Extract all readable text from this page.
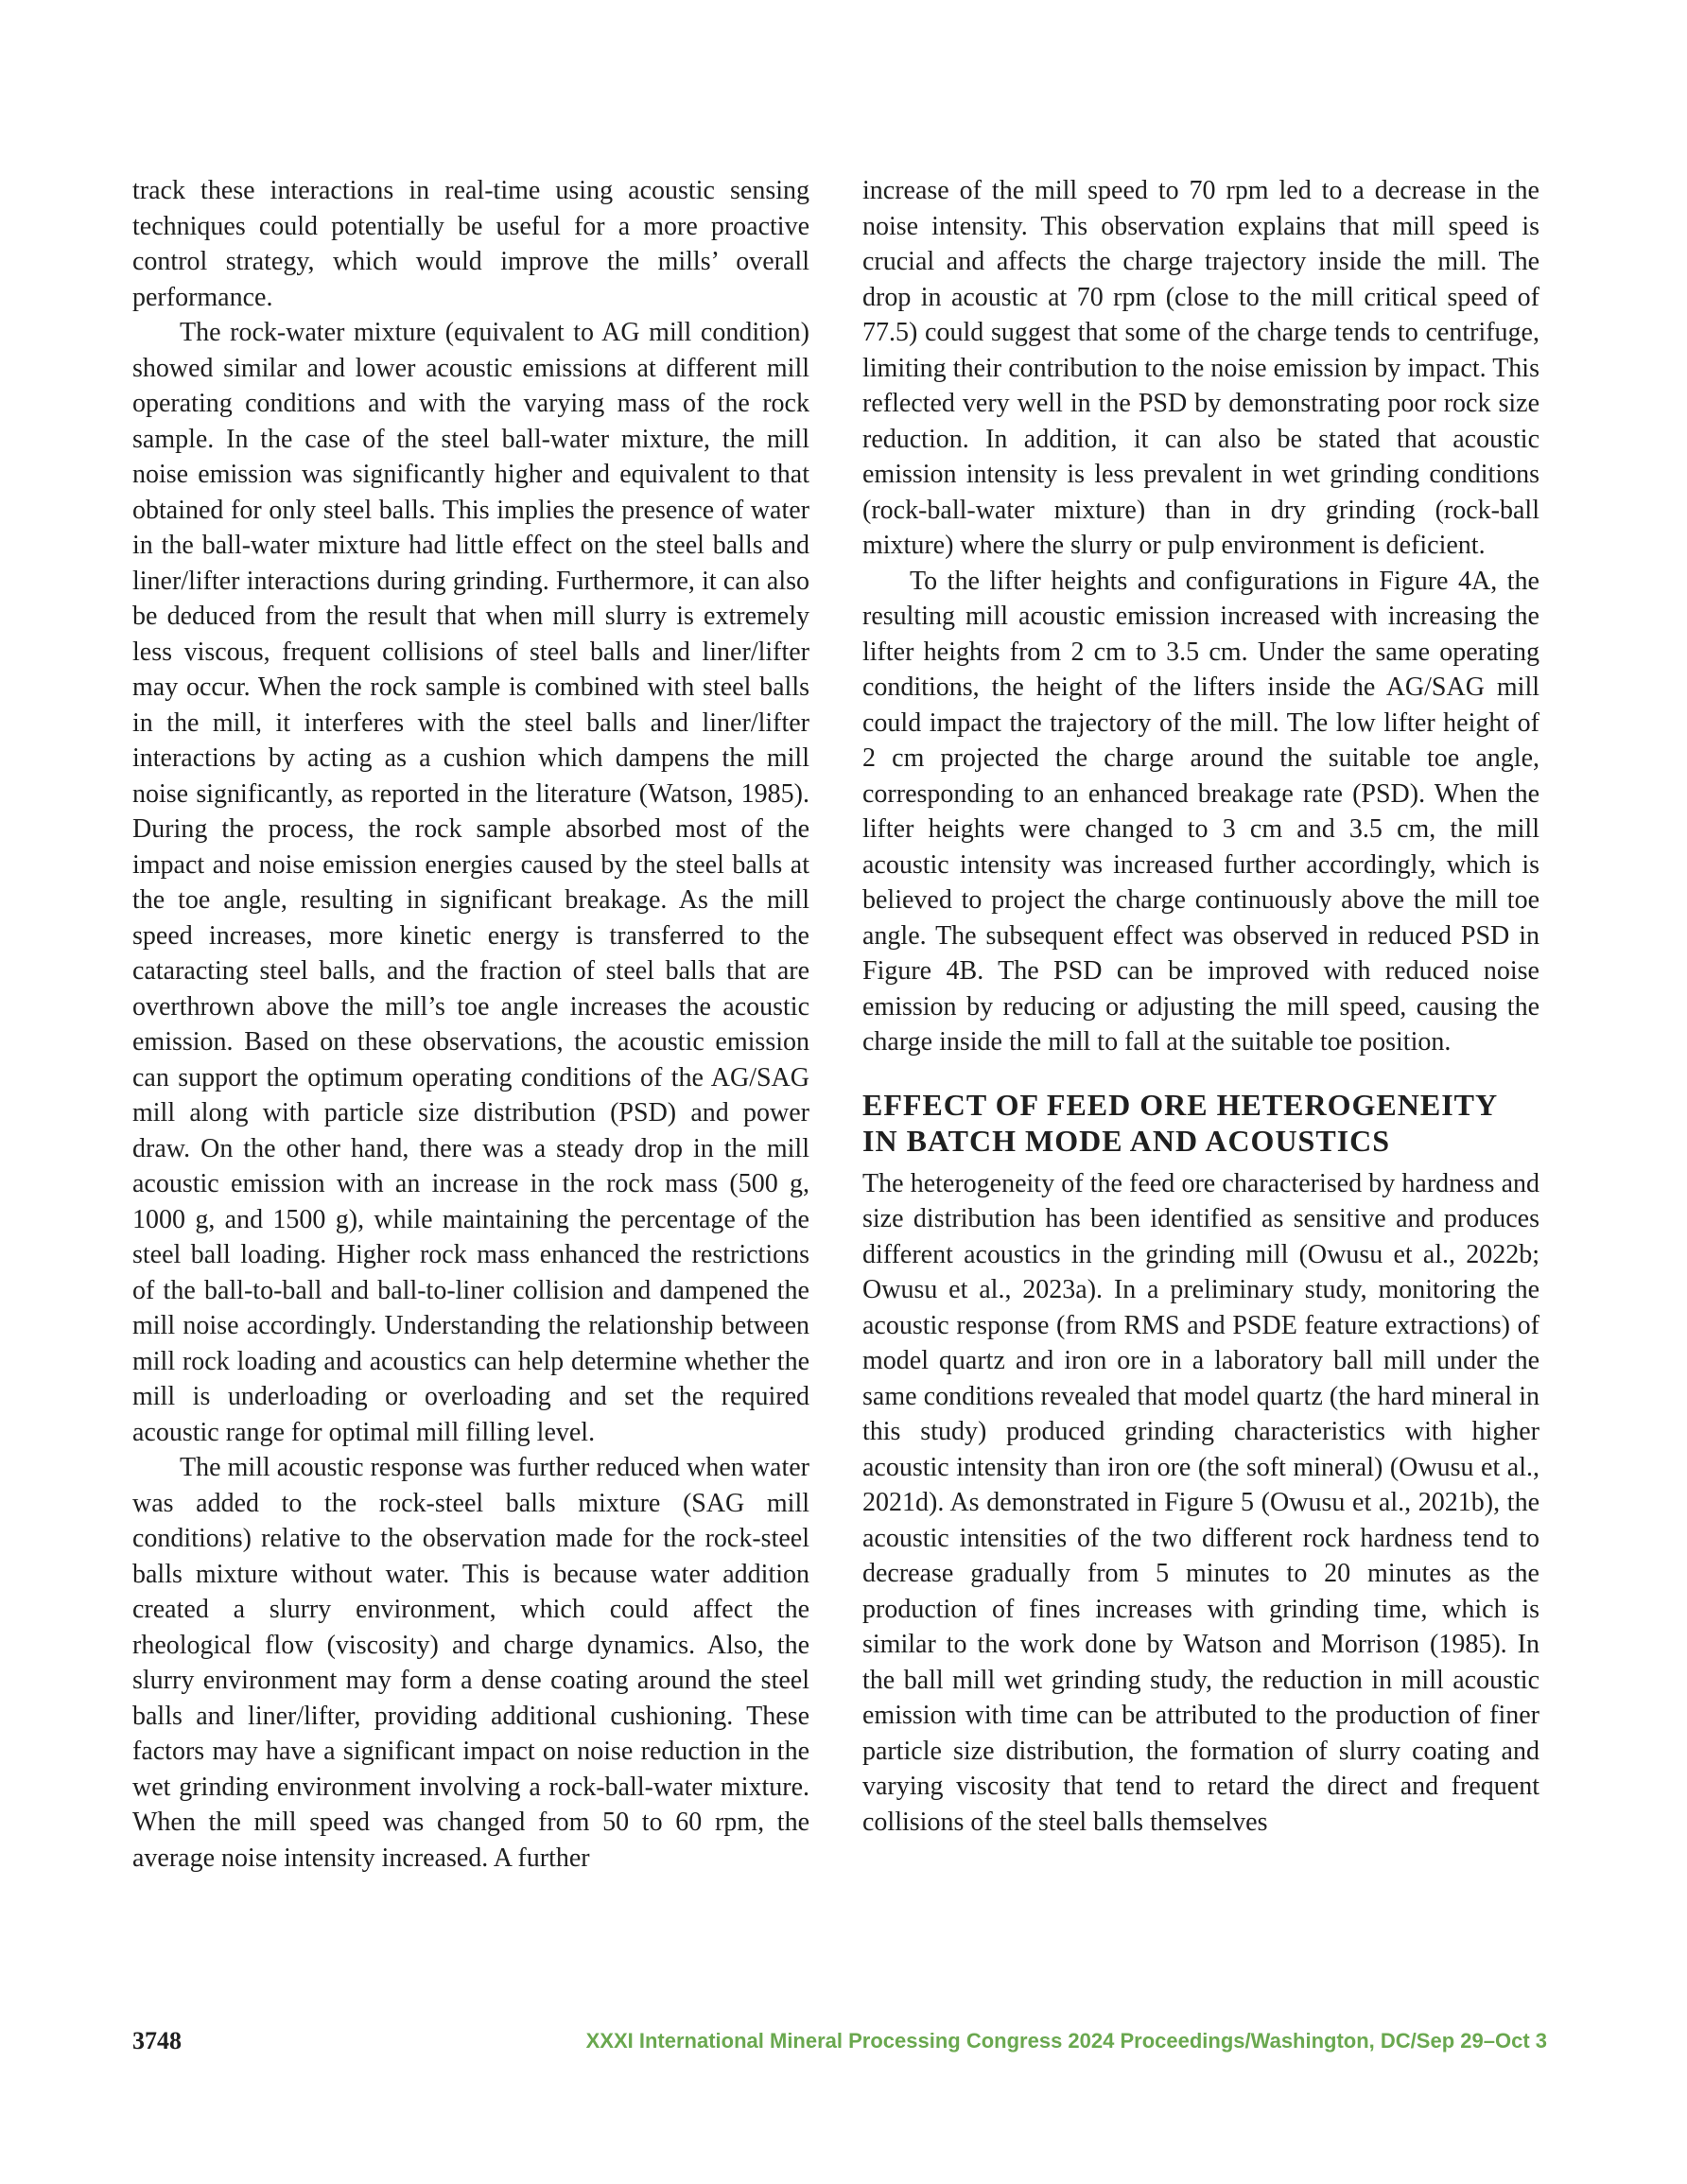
track these interactions in real-time using acoustic sensing techniques could potentially be useful for a more proactive control strategy, which would improve the mills’ overall performance.

The rock-water mixture (equivalent to AG mill condition) showed similar and lower acoustic emissions at different mill operating conditions and with the varying mass of the rock sample. In the case of the steel ball-water mixture, the mill noise emission was significantly higher and equivalent to that obtained for only steel balls. This implies the presence of water in the ball-water mixture had little effect on the steel balls and liner/lifter interactions during grinding. Furthermore, it can also be deduced from the result that when mill slurry is extremely less viscous, frequent collisions of steel balls and liner/lifter may occur. When the rock sample is combined with steel balls in the mill, it interferes with the steel balls and liner/lifter interactions by acting as a cushion which dampens the mill noise significantly, as reported in the literature (Watson, 1985). During the process, the rock sample absorbed most of the impact and noise emission energies caused by the steel balls at the toe angle, resulting in significant breakage. As the mill speed increases, more kinetic energy is transferred to the cataracting steel balls, and the fraction of steel balls that are overthrown above the mill’s toe angle increases the acoustic emission. Based on these observations, the acoustic emission can support the optimum operating conditions of the AG/SAG mill along with particle size distribution (PSD) and power draw. On the other hand, there was a steady drop in the mill acoustic emission with an increase in the rock mass (500 g, 1000 g, and 1500 g), while maintaining the percentage of the steel ball loading. Higher rock mass enhanced the restrictions of the ball-to-ball and ball-to-liner collision and dampened the mill noise accordingly. Understanding the relationship between mill rock loading and acoustics can help determine whether the mill is underloading or overloading and set the required acoustic range for optimal mill filling level.

The mill acoustic response was further reduced when water was added to the rock-steel balls mixture (SAG mill conditions) relative to the observation made for the rock-steel balls mixture without water. This is because water addition created a slurry environment, which could affect the rheological flow (viscosity) and charge dynamics. Also, the slurry environment may form a dense coating around the steel balls and liner/lifter, providing additional cushioning. These factors may have a significant impact on noise reduction in the wet grinding environment involving a rock-ball-water mixture. When the mill speed was changed from 50 to 60 rpm, the average noise intensity increased. A further

increase of the mill speed to 70 rpm led to a decrease in the noise intensity. This observation explains that mill speed is crucial and affects the charge trajectory inside the mill. The drop in acoustic at 70 rpm (close to the mill critical speed of 77.5) could suggest that some of the charge tends to centrifuge, limiting their contribution to the noise emission by impact. This reflected very well in the PSD by demonstrating poor rock size reduction. In addition, it can also be stated that acoustic emission intensity is less prevalent in wet grinding conditions (rock-ball-water mixture) than in dry grinding (rock-ball mixture) where the slurry or pulp environment is deficient.

To the lifter heights and configurations in Figure 4A, the resulting mill acoustic emission increased with increasing the lifter heights from 2 cm to 3.5 cm. Under the same operating conditions, the height of the lifters inside the AG/SAG mill could impact the trajectory of the mill. The low lifter height of 2 cm projected the charge around the suitable toe angle, corresponding to an enhanced breakage rate (PSD). When the lifter heights were changed to 3 cm and 3.5 cm, the mill acoustic intensity was increased further accordingly, which is believed to project the charge continuously above the mill toe angle. The subsequent effect was observed in reduced PSD in Figure 4B. The PSD can be improved with reduced noise emission by reducing or adjusting the mill speed, causing the charge inside the mill to fall at the suitable toe position.

EFFECT OF FEED ORE HETEROGENEITY
IN BATCH MODE AND ACOUSTICS

The heterogeneity of the feed ore characterised by hardness and size distribution has been identified as sensitive and produces different acoustics in the grinding mill (Owusu et al., 2022b; Owusu et al., 2023a). In a preliminary study, monitoring the acoustic response (from RMS and PSDE feature extractions) of model quartz and iron ore in a laboratory ball mill under the same conditions revealed that model quartz (the hard mineral in this study) produced grinding characteristics with higher acoustic intensity than iron ore (the soft mineral) (Owusu et al., 2021d). As demonstrated in Figure 5 (Owusu et al., 2021b), the acoustic intensities of the two different rock hardness tend to decrease gradually from 5 minutes to 20 minutes as the production of fines increases with grinding time, which is similar to the work done by Watson and Morrison (1985). In the ball mill wet grinding study, the reduction in mill acoustic emission with time can be attributed to the production of finer particle size distribution, the formation of slurry coating and varying viscosity that tend to retard the direct and frequent collisions of the steel balls themselves

3748	XXXI International Mineral Processing Congress 2024 Proceedings/Washington, DC/Sep 29–Oct 3
